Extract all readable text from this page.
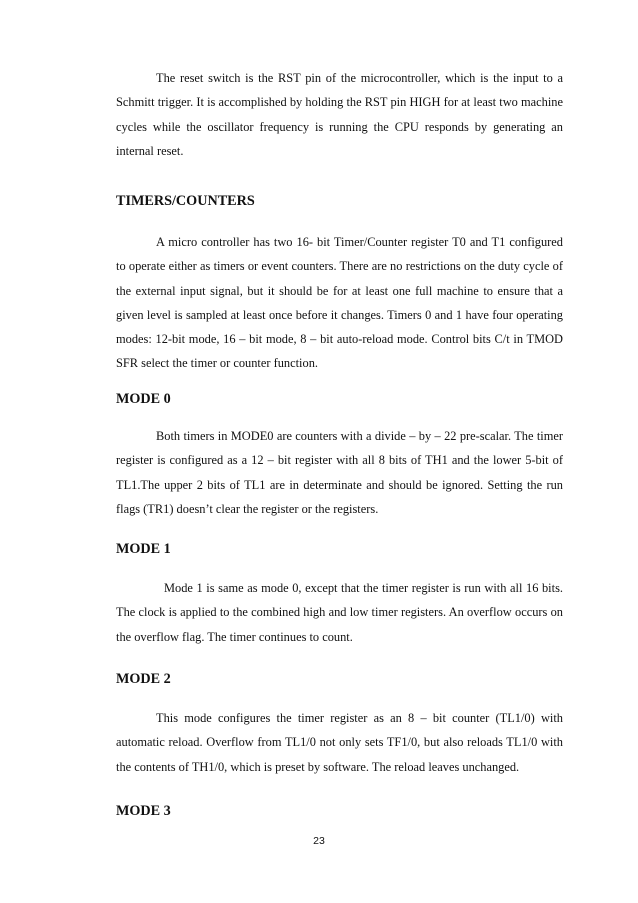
The reset switch is the RST pin of the microcontroller, which is the input to a Schmitt trigger. It is accomplished by holding the RST pin HIGH for at least two machine cycles while the oscillator frequency is running the CPU responds by generating an internal reset.

TIMERS/COUNTERS

A micro controller has two 16- bit Timer/Counter register T0 and T1 configured to operate either as timers or event counters. There are no restrictions on the duty cycle of the external input signal, but it should be for at least one full machine to ensure that a given level is sampled at least once before it changes. Timers 0 and 1 have four operating modes: 12-bit mode, 16 – bit mode, 8 – bit auto-reload mode. Control bits C/t in TMOD SFR select the timer or counter function.

MODE 0

Both timers in MODE0 are counters with a divide – by – 22 pre-scalar. The timer register is configured as a 12 – bit register with all 8 bits of TH1 and the lower 5-bit of TL1.The upper 2 bits of TL1 are in determinate and should be ignored. Setting the run flags (TR1) doesn’t clear the register or the registers.

MODE 1

Mode 1 is same as mode 0, except that the timer register is run with all 16 bits. The clock is applied to the combined high and low timer registers. An overflow occurs on the overflow flag. The timer continues to count.

MODE 2

This mode configures the timer register as an 8 – bit counter (TL1/0) with automatic reload. Overflow from TL1/0 not only sets TF1/0, but also reloads TL1/0 with the contents of TH1/0, which is preset by software. The reload leaves unchanged.

MODE 3
23
